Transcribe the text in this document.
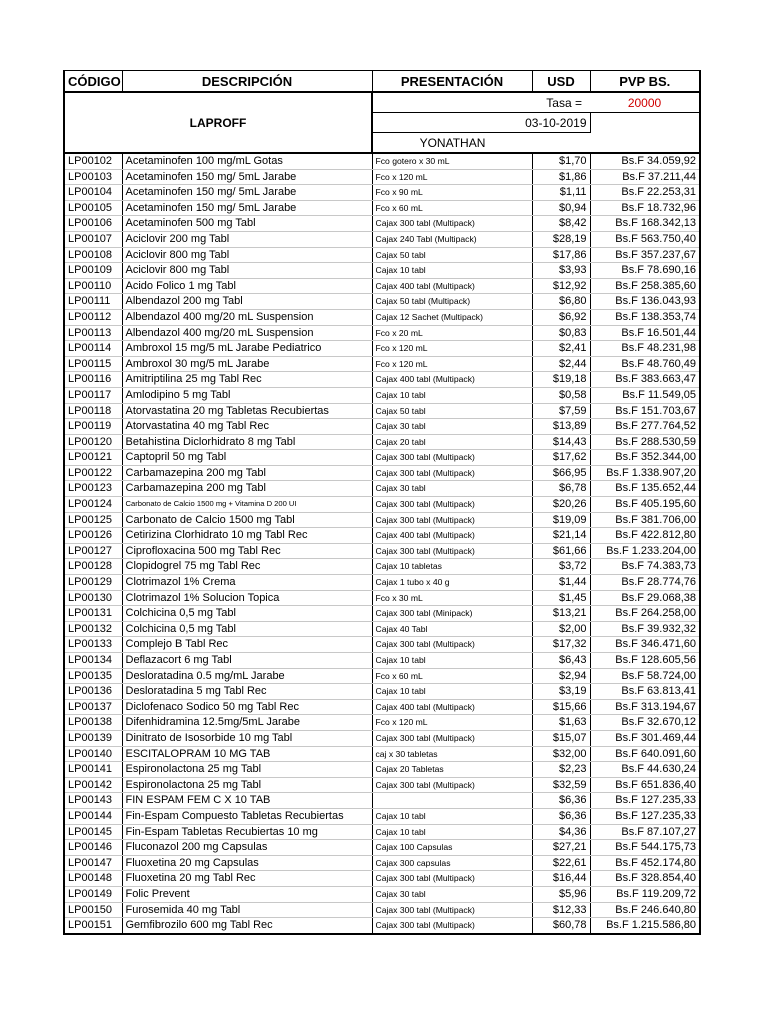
LAPROFF		Tasa =		20000
		03-10-2019		
		YONATHAN		
CÓDIGO	DESCRIPCIÓN	PRESENTACIÓN	USD	PVP BS.
LP00102	Acetaminofen 100 mg/mL Gotas	Fco gotero x 30 mL	$1,70	Bs.F 34.059,92
LP00103	Acetaminofen 150 mg/ 5mL Jarabe	Fco x 120 mL	$1,86	Bs.F 37.211,44
LP00104	Acetaminofen 150 mg/ 5mL Jarabe	Fco x 90 mL	$1,11	Bs.F 22.253,31
LP00105	Acetaminofen 150 mg/ 5mL Jarabe	Fco x 60 mL	$0,94	Bs.F 18.732,96
LP00106	Acetaminofen 500 mg Tabl	Cajax 300 tabl (Multipack)	$8,42	Bs.F 168.342,13
LP00107	Aciclovir 200 mg Tabl	Cajax 240 Tabl (Multipack)	$28,19	Bs.F 563.750,40
LP00108	Aciclovir 800 mg Tabl	Cajax 50 tabl	$17,86	Bs.F 357.237,67
LP00109	Aciclovir 800 mg Tabl	Cajax 10 tabl	$3,93	Bs.F 78.690,16
LP00110	Acido Folico 1 mg Tabl	Cajax 400 tabl (Multipack)	$12,92	Bs.F 258.385,60
LP00111	Albendazol 200 mg Tabl	Cajax 50 tabl (Multipack)	$6,80	Bs.F 136.043,93
LP00112	Albendazol 400 mg/20 mL Suspension	Cajax 12 Sachet (Multipack)	$6,92	Bs.F 138.353,74
LP00113	Albendazol 400 mg/20 mL Suspension	Fco x 20 mL	$0,83	Bs.F 16.501,44
LP00114	Ambroxol 15 mg/5 mL Jarabe Pediatrico	Fco x 120 mL	$2,41	Bs.F 48.231,98
LP00115	Ambroxol 30 mg/5 mL Jarabe	Fco x 120 mL	$2,44	Bs.F 48.760,49
LP00116	Amitriptilina 25 mg Tabl Rec	Cajax 400 tabl (Multipack)	$19,18	Bs.F 383.663,47
LP00117	Amlodipino 5 mg Tabl	Cajax 10 tabl	$0,58	Bs.F 11.549,05
LP00118	Atorvastatina 20 mg Tabletas Recubiertas	Cajax 50 tabl	$7,59	Bs.F 151.703,67
LP00119	Atorvastatina 40 mg Tabl Rec	Cajax 30 tabl	$13,89	Bs.F 277.764,52
LP00120	Betahistina Diclorhidrato 8 mg Tabl	Cajax 20 tabl	$14,43	Bs.F 288.530,59
LP00121	Captopril 50 mg Tabl	Cajax 300 tabl (Multipack)	$17,62	Bs.F 352.344,00
LP00122	Carbamazepina 200 mg Tabl	Cajax 300 tabl (Multipack)	$66,95	Bs.F 1.338.907,20
LP00123	Carbamazepina 200 mg Tabl	Cajax 30 tabl	$6,78	Bs.F 135.652,44
LP00124	Carbonato de Calcio 1500 mg + Vitamina D 200 UI	Cajax 300 tabl (Multipack)	$20,26	Bs.F 405.195,60
LP00125	Carbonato de Calcio 1500 mg Tabl	Cajax 300 tabl (Multipack)	$19,09	Bs.F 381.706,00
LP00126	Cetirizina Clorhidrato 10 mg Tabl Rec	Cajax 400 tabl (Multipack)	$21,14	Bs.F 422.812,80
LP00127	Ciprofloxacina 500 mg Tabl Rec	Cajax 300 tabl (Multipack)	$61,66	Bs.F 1.233.204,00
LP00128	Clopidogrel 75 mg Tabl Rec	Cajax 10 tabletas	$3,72	Bs.F 74.383,73
LP00129	Clotrimazol 1% Crema	Cajax 1 tubo x 40 g	$1,44	Bs.F 28.774,76
LP00130	Clotrimazol 1% Solucion Topica	Fco x 30 mL	$1,45	Bs.F 29.068,38
LP00131	Colchicina 0,5 mg Tabl	Cajax 300 tabl (Minipack)	$13,21	Bs.F 264.258,00
LP00132	Colchicina 0,5 mg Tabl	Cajax 40 Tabl	$2,00	Bs.F 39.932,32
LP00133	Complejo B Tabl Rec	Cajax 300 tabl (Multipack)	$17,32	Bs.F 346.471,60
LP00134	Deflazacort 6 mg Tabl	Cajax 10 tabl	$6,43	Bs.F 128.605,56
LP00135	Desloratadina 0.5 mg/mL Jarabe	Fco x 60 mL	$2,94	Bs.F 58.724,00
LP00136	Desloratadina 5 mg Tabl Rec	Cajax 10 tabl	$3,19	Bs.F 63.813,41
LP00137	Diclofenaco Sodico 50 mg Tabl Rec	Cajax 400 tabl (Multipack)	$15,66	Bs.F 313.194,67
LP00138	Difenhidramina 12.5mg/5mL Jarabe	Fco x 120 mL	$1,63	Bs.F 32.670,12
LP00139	Dinitrato de Isosorbide 10 mg Tabl	Cajax 300 tabl (Multipack)	$15,07	Bs.F 301.469,44
LP00140	ESCITALOPRAM 10 MG TAB	caj x 30 tabletas	$32,00	Bs.F 640.091,60
LP00141	Espironolactona 25 mg Tabl	Cajax 20 Tabletas	$2,23	Bs.F 44.630,24
LP00142	Espironolactona 25 mg Tabl	Cajax 300 tabl (Multipack)	$32,59	Bs.F 651.836,40
LP00143	FIN ESPAM FEM C X 10 TAB		$6,36	Bs.F 127.235,33
LP00144	Fin-Espam Compuesto Tabletas Recubiertas	Cajax 10 tabl	$6,36	Bs.F 127.235,33
LP00145	Fin-Espam Tabletas Recubiertas 10 mg	Cajax 10 tabl	$4,36	Bs.F 87.107,27
LP00146	Fluconazol 200 mg Capsulas	Cajax 100 Capsulas	$27,21	Bs.F 544.175,73
LP00147	Fluoxetina 20 mg Capsulas	Cajax 300 capsulas	$22,61	Bs.F 452.174,80
LP00148	Fluoxetina 20 mg Tabl Rec	Cajax 300 tabl (Multipack)	$16,44	Bs.F 328.854,40
LP00149	Folic Prevent	Cajax 30 tabl	$5,96	Bs.F 119.209,72
LP00150	Furosemida 40 mg Tabl	Cajax 300 tabl (Multipack)	$12,33	Bs.F 246.640,80
LP00151	Gemfibrozilo 600 mg Tabl Rec	Cajax 300 tabl (Multipack)	$60,78	Bs.F 1.215.586,80
